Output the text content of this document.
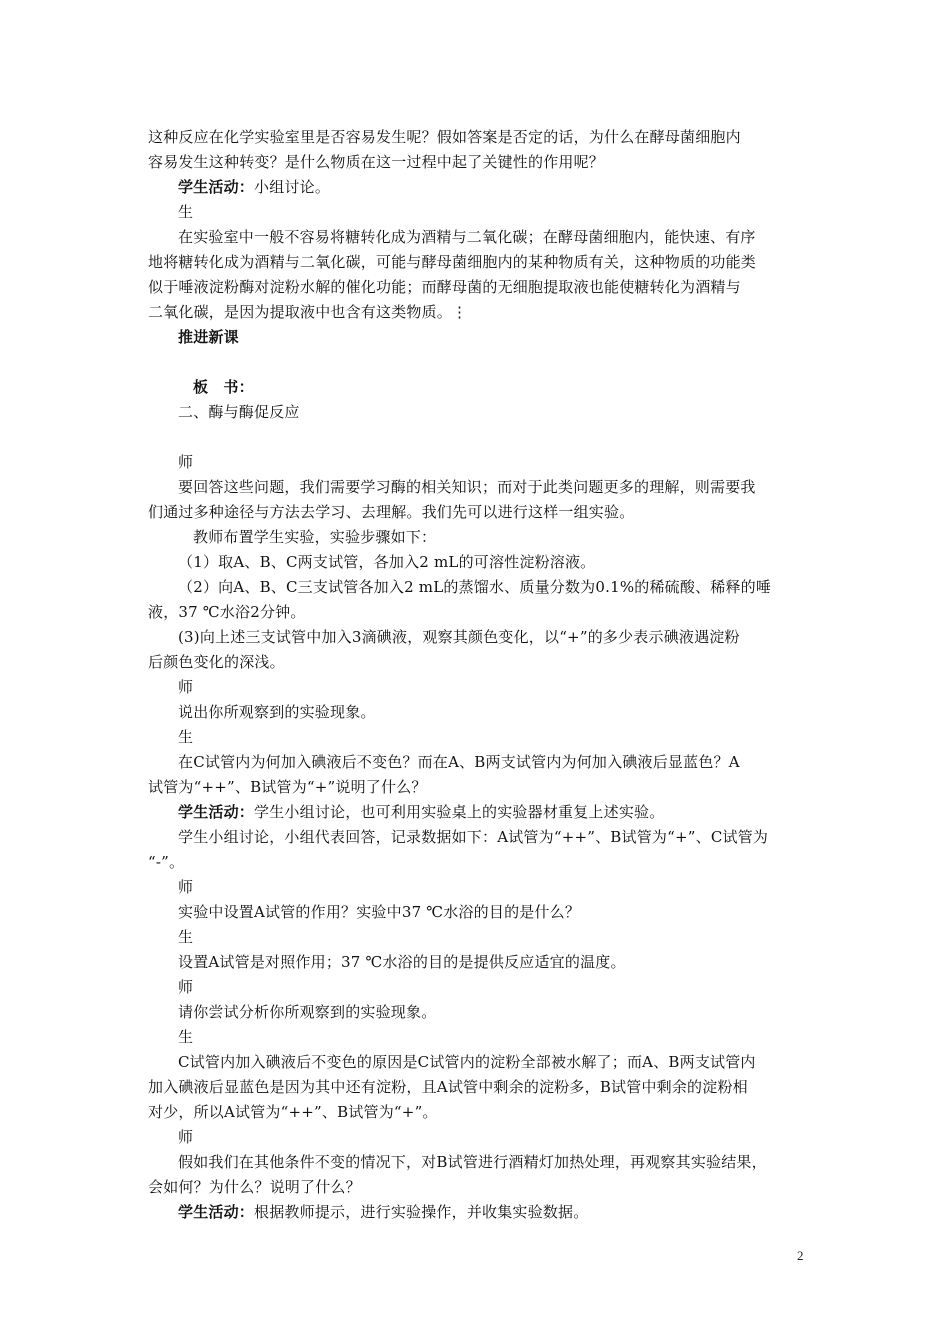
这种反应在化学实验室里是否容易发生呢？假如答案是否定的话，为什么在酵母菌细胞内
容易发生这种转变？是什么物质在这一过程中起了关键性的作用呢？
学生活动：小组讨论。
生
在实验室中一般不容易将糖转化成为酒精与二氧化碳；在酵母菌细胞内，能快速、有序
地将糖转化成为酒精与二氧化碳，可能与酵母菌细胞内的某种物质有关，这种物质的功能类
似于唾液淀粉酶对淀粉水解的催化功能；而酵母菌的无细胞提取液也能使糖转化为酒精与
二氧化碳，是因为提取液中也含有这类物质。⋮
推进新课
板　书：
二、酶与酶促反应
师
要回答这些问题，我们需要学习酶的相关知识；而对于此类问题更多的理解，则需要我
们通过多种途径与方法去学习、去理解。我们先可以进行这样一组实验。
教师布置学生实验，实验步骤如下：
（1）取A、B、C两支试管，各加入2 mL的可溶性淀粉溶液。
（2）向A、B、C三支试管各加入2 mL的蒸馏水、质量分数为0.1%的稀硫酸、稀释的唾
液，37 ℃水浴2分钟。
(3)向上述三支试管中加入3滴碘液，观察其颜色变化，以“+”的多少表示碘液遇淀粉
后颜色变化的深浅。
师
说出你所观察到的实验现象。
生
在C试管内为何加入碘液后不变色？而在A、B两支试管内为何加入碘液后显蓝色？A
试管为“++”、B试管为“+”说明了什么？
学生活动：学生小组讨论，也可利用实验桌上的实验器材重复上述实验。
学生小组讨论，小组代表回答，记录数据如下：A试管为“++”、B试管为“+”、C试管为
“-”。
师
实验中设置A试管的作用？实验中37 ℃水浴的目的是什么？
生
设置A试管是对照作用；37 ℃水浴的目的是提供反应适宜的温度。
师
请你尝试分析你所观察到的实验现象。
生
C试管内加入碘液后不变色的原因是C试管内的淀粉全部被水解了；而A、B两支试管内
加入碘液后显蓝色是因为其中还有淀粉，且A试管中剩余的淀粉多，B试管中剩余的淀粉相
对少，所以A试管为“++”、B试管为“+”。
师
假如我们在其他条件不变的情况下，对B试管进行酒精灯加热处理，再观察其实验结果，
会如何？为什么？说明了什么？
学生活动：根据教师提示，进行实验操作，并收集实验数据。
2
